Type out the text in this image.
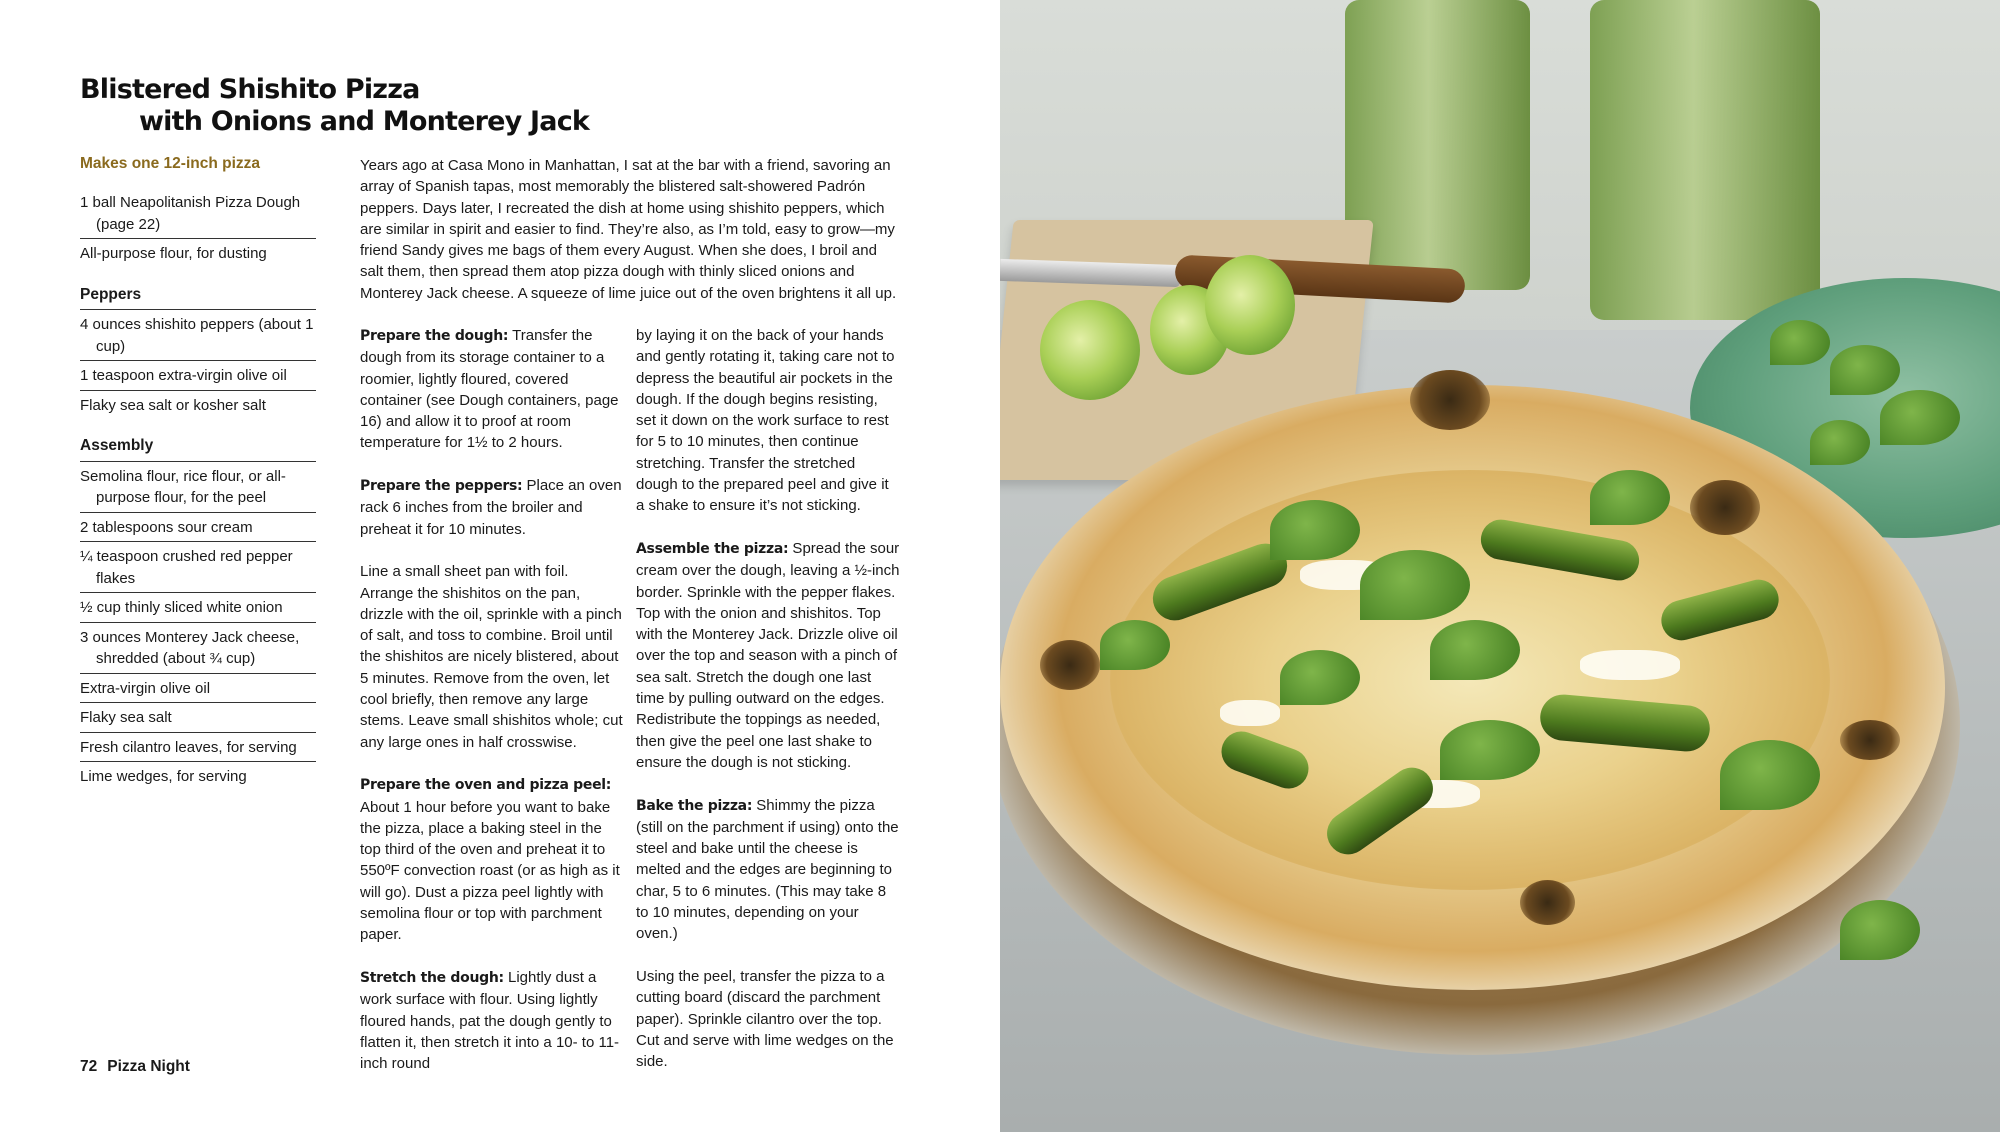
Blistered Shishito Pizza
with Onions and Monterey Jack
Makes one 12-inch pizza
1 ball Neapolitanish Pizza Dough (page 22)
All-purpose flour, for dusting
Peppers
4 ounces shishito peppers (about 1 cup)
1 teaspoon extra-virgin olive oil
Flaky sea salt or kosher salt
Assembly
Semolina flour, rice flour, or all-purpose flour, for the peel
2 tablespoons sour cream
¼ teaspoon crushed red pepper flakes
½ cup thinly sliced white onion
3 ounces Monterey Jack cheese, shredded (about ¾ cup)
Extra-virgin olive oil
Flaky sea salt
Fresh cilantro leaves, for serving
Lime wedges, for serving

Years ago at Casa Mono in Manhattan, I sat at the bar with a friend, savoring an array of Spanish tapas, most memorably the blistered salt-showered Padrón peppers. Days later, I recreated the dish at home using shishito peppers, which are similar in spirit and easier to find. They’re also, as I’m told, easy to grow—my friend Sandy gives me bags of them every August. When she does, I broil and salt them, then spread them atop pizza dough with thinly sliced onions and Monterey Jack cheese. A squeeze of lime juice out of the oven brightens it all up.

Prepare the dough: Transfer the dough from its storage container to a roomier, lightly floured, covered container (see Dough containers, page 16) and allow it to proof at room temperature for 1½ to 2 hours.

Prepare the peppers: Place an oven rack 6 inches from the broiler and preheat it for 10 minutes.

Line a small sheet pan with foil. Arrange the shishitos on the pan, drizzle with the oil, sprinkle with a pinch of salt, and toss to combine. Broil until the shishitos are nicely blistered, about 5 minutes. Remove from the oven, let cool briefly, then remove any large stems. Leave small shishitos whole; cut any large ones in half crosswise.

Prepare the oven and pizza peel: About 1 hour before you want to bake the pizza, place a baking steel in the top third of the oven and preheat it to 550ºF convection roast (or as high as it will go). Dust a pizza peel lightly with semolina flour or top with parchment paper.

Stretch the dough: Lightly dust a work surface with flour. Using lightly floured hands, pat the dough gently to flatten it, then stretch it into a 10- to 11-inch round

by laying it on the back of your hands and gently rotating it, taking care not to depress the beautiful air pockets in the dough. If the dough begins resisting, set it down on the work surface to rest for 5 to 10 minutes, then continue stretching. Transfer the stretched dough to the prepared peel and give it a shake to ensure it’s not sticking.

Assemble the pizza: Spread the sour cream over the dough, leaving a ½-inch border. Sprinkle with the pepper flakes. Top with the onion and shishitos. Top with the Monterey Jack. Drizzle olive oil over the top and season with a pinch of sea salt. Stretch the dough one last time by pulling outward on the edges. Redistribute the toppings as needed, then give the peel one last shake to ensure the dough is not sticking.

Bake the pizza: Shimmy the pizza (still on the parchment if using) onto the steel and bake until the cheese is melted and the edges are beginning to char, 5 to 6 minutes. (This may take 8 to 10 minutes, depending on your oven.)

Using the peel, transfer the pizza to a cutting board (discard the parchment paper). Sprinkle cilantro over the top. Cut and serve with lime wedges on the side.

72 Pizza Night
